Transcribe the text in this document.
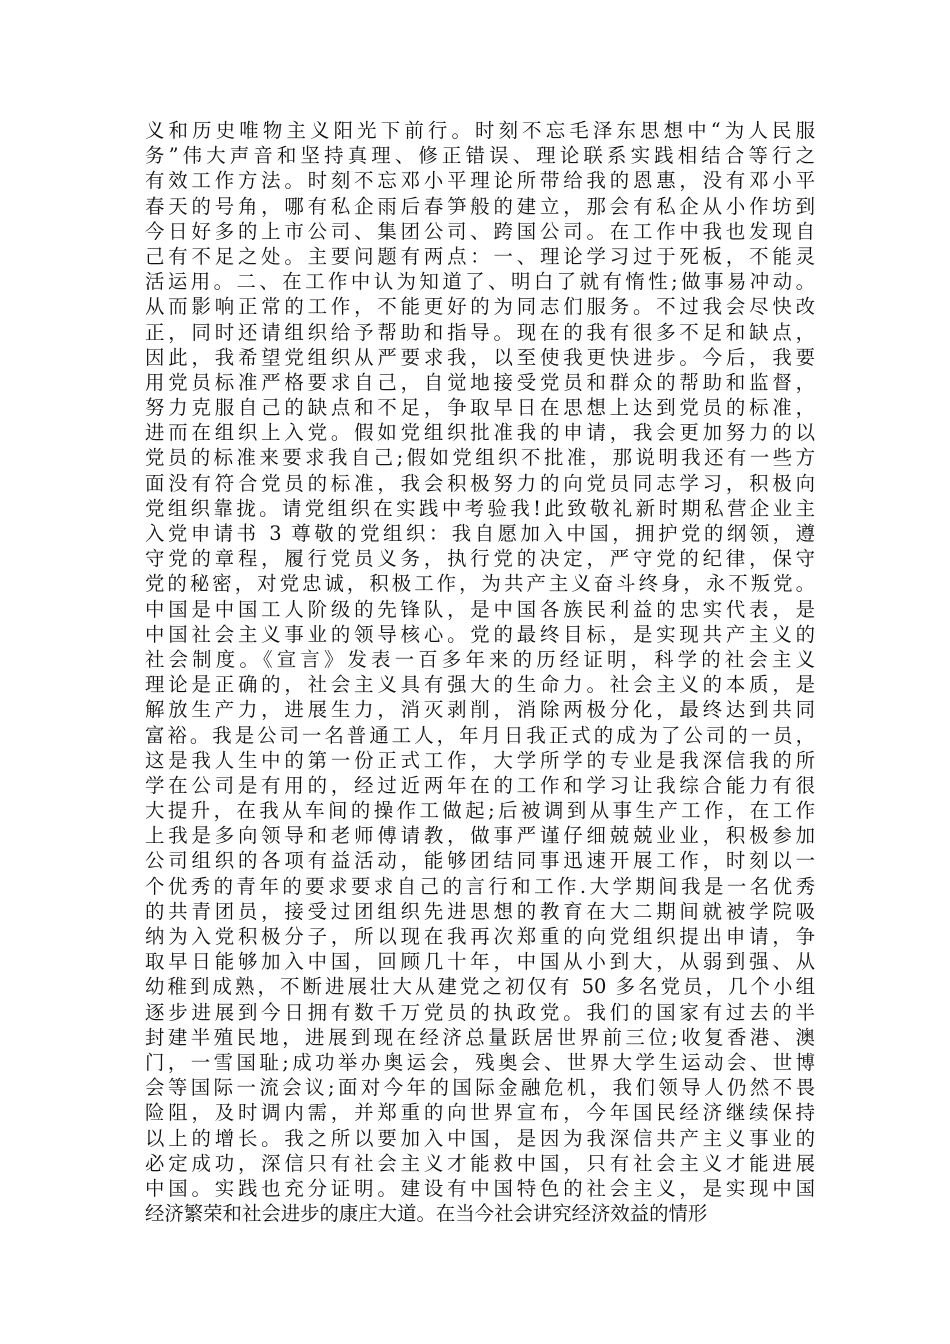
义和历史唯物主义阳光下前行。时刻不忘毛泽东思想中“为人民服
务”伟大声音和坚持真理、修正错误、理论联系实践相结合等行之
有效工作方法。时刻不忘邓小平理论所带给我的恩惠，没有邓小平
春天的号角，哪有私企雨后春笋般的建立，那会有私企从小作坊到
今日好多的上市公司、集团公司、跨国公司。在工作中我也发现自
己有不足之处。主要问题有两点：一、理论学习过于死板，不能灵
活运用。二、在工作中认为知道了、明白了就有惰性;做事易冲动。
从而影响正常的工作，不能更好的为同志们服务。不过我会尽快改
正，同时还请组织给予帮助和指导。现在的我有很多不足和缺点，
因此，我希望党组织从严要求我，以至使我更快进步。今后，我要
用党员标准严格要求自己，自觉地接受党员和群众的帮助和监督，
努力克服自己的缺点和不足，争取早日在思想上达到党员的标准，
进而在组织上入党。假如党组织批准我的申请，我会更加努力的以
党员的标准来要求我自己;假如党组织不批准，那说明我还有一些方
面没有符合党员的标准，我会积极努力的向党员同志学习，积极向
党组织靠拢。请党组织在实践中考验我!此致敬礼新时期私营企业主
入党申请书 3 尊敬的党组织：我自愿加入中国，拥护党的纲领，遵
守党的章程，履行党员义务，执行党的决定，严守党的纪律，保守
党的秘密，对党忠诚，积极工作，为共产主义奋斗终身，永不叛党。
中国是中国工人阶级的先锋队，是中国各族民利益的忠实代表，是
中国社会主义事业的领导核心。党的最终目标，是实现共产主义的
社会制度。《宣言》发表一百多年来的历经证明，科学的社会主义
理论是正确的，社会主义具有强大的生命力。社会主义的本质，是
解放生产力，进展生力，消灭剥削，消除两极分化，最终达到共同
富裕。我是公司一名普通工人，年月日我正式的成为了公司的一员，
这是我人生中的第一份正式工作，大学所学的专业是我深信我的所
学在公司是有用的，经过近两年在的工作和学习让我综合能力有很
大提升，在我从车间的操作工做起;后被调到从事生产工作，在工作
上我是多向领导和老师傅请教，做事严谨仔细兢兢业业，积极参加
公司组织的各项有益活动，能够团结同事迅速开展工作，时刻以一
个优秀的青年的要求要求自己的言行和工作.大学期间我是一名优秀
的共青团员，接受过团组织先进思想的教育在大二期间就被学院吸
纳为入党积极分子，所以现在我再次郑重的向党组织提出申请，争
取早日能够加入中国，回顾几十年，中国从小到大，从弱到强、从
幼稚到成熟，不断进展壮大从建党之初仅有 50 多名党员，几个小组
逐步进展到今日拥有数千万党员的执政党。我们的国家有过去的半
封建半殖民地，进展到现在经济总量跃居世界前三位;收复香港、澳
门，一雪国耻;成功举办奥运会，残奥会、世界大学生运动会、世博
会等国际一流会议;面对今年的国际金融危机，我们领导人仍然不畏
险阻，及时调内需，并郑重的向世界宣布，今年国民经济继续保持
以上的增长。我之所以要加入中国，是因为我深信共产主义事业的
必定成功，深信只有社会主义才能救中国，只有社会主义才能进展
中国。实践也充分证明。建设有中国特色的社会主义，是实现中国
经济繁荣和社会进步的康庄大道。在当今社会讲究经济效益的情形
